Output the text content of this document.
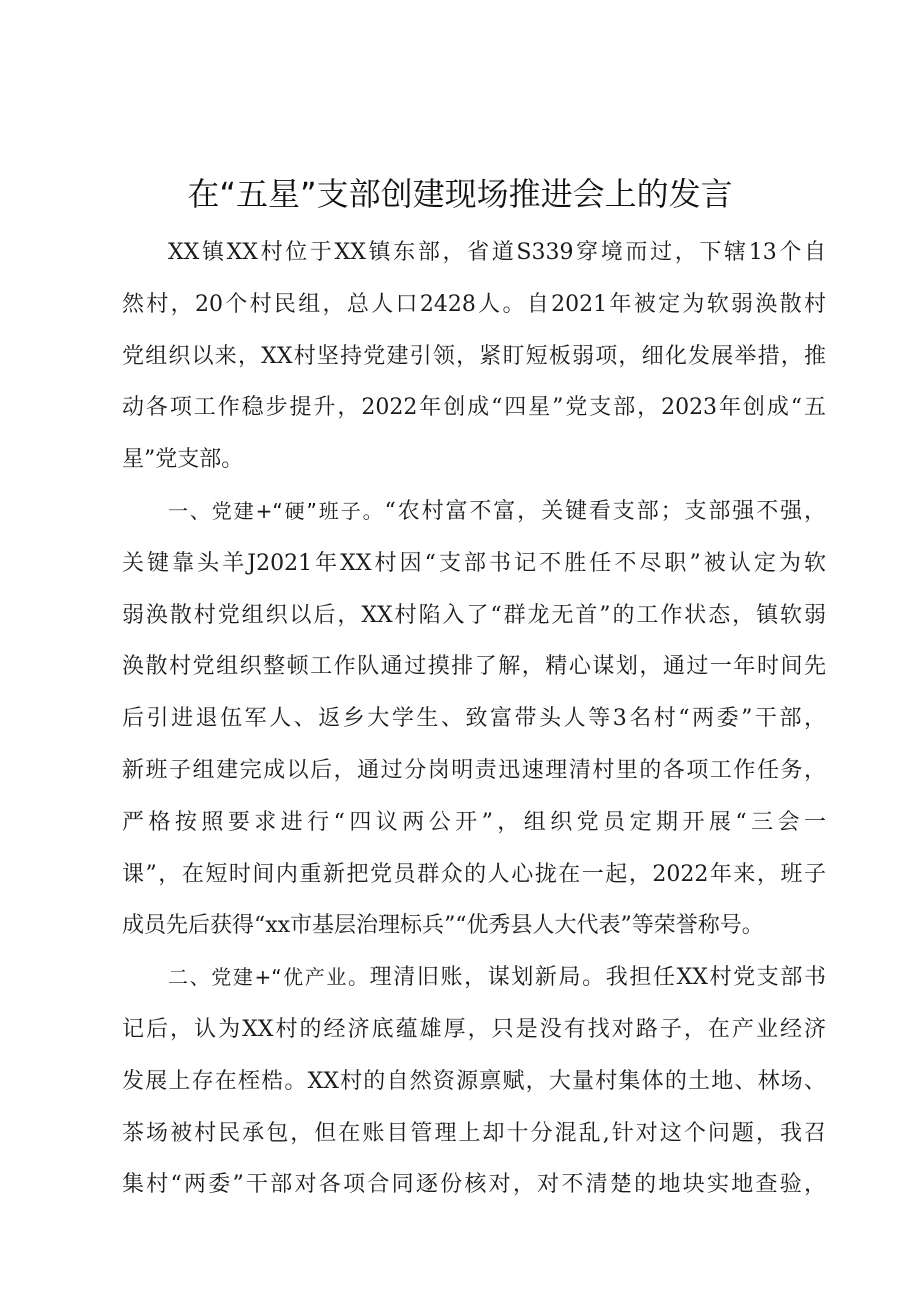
在“五星”支部创建现场推进会上的发言
XX镇XX村位于XX镇东部，省道S339穿境而过，下辖13个自
然村，20个村民组，总人口2428人。自2021年被定为软弱涣散村
党组织以来，XX村坚持党建引领，紧盯短板弱项，细化发展举措，推
动各项工作稳步提升，2022年创成“四星”党支部，2023年创成“五
星”党支部。
一、党建+“硬”班子。“农村富不富，关键看支部；支部强不强，
关键靠头羊J2021年XX村因“支部书记不胜任不尽职”被认定为软
弱涣散村党组织以后，XX村陷入了“群龙无首”的工作状态，镇软弱
涣散村党组织整顿工作队通过摸排了解，精心谋划，通过一年时间先
后引进退伍军人、返乡大学生、致富带头人等3名村“两委”干部，
新班子组建完成以后，通过分岗明责迅速理清村里的各项工作任务，
严格按照要求进行“四议两公开”，组织党员定期开展“三会一
课”，在短时间内重新把党员群众的人心拢在一起，2022年来，班子
成员先后获得“xx市基层治理标兵”“优秀县人大代表”等荣誉称号。
二、党建+“优产业。理清旧账，谋划新局。我担任XX村党支部书
记后，认为XX村的经济底蕴雄厚，只是没有找对路子，在产业经济
发展上存在桎梏。XX村的自然资源禀赋，大量村集体的土地、林场、
茶场被村民承包，但在账目管理上却十分混乱,针对这个问题，我召
集村“两委”干部对各项合同逐份核对，对不清楚的地块实地查验，
